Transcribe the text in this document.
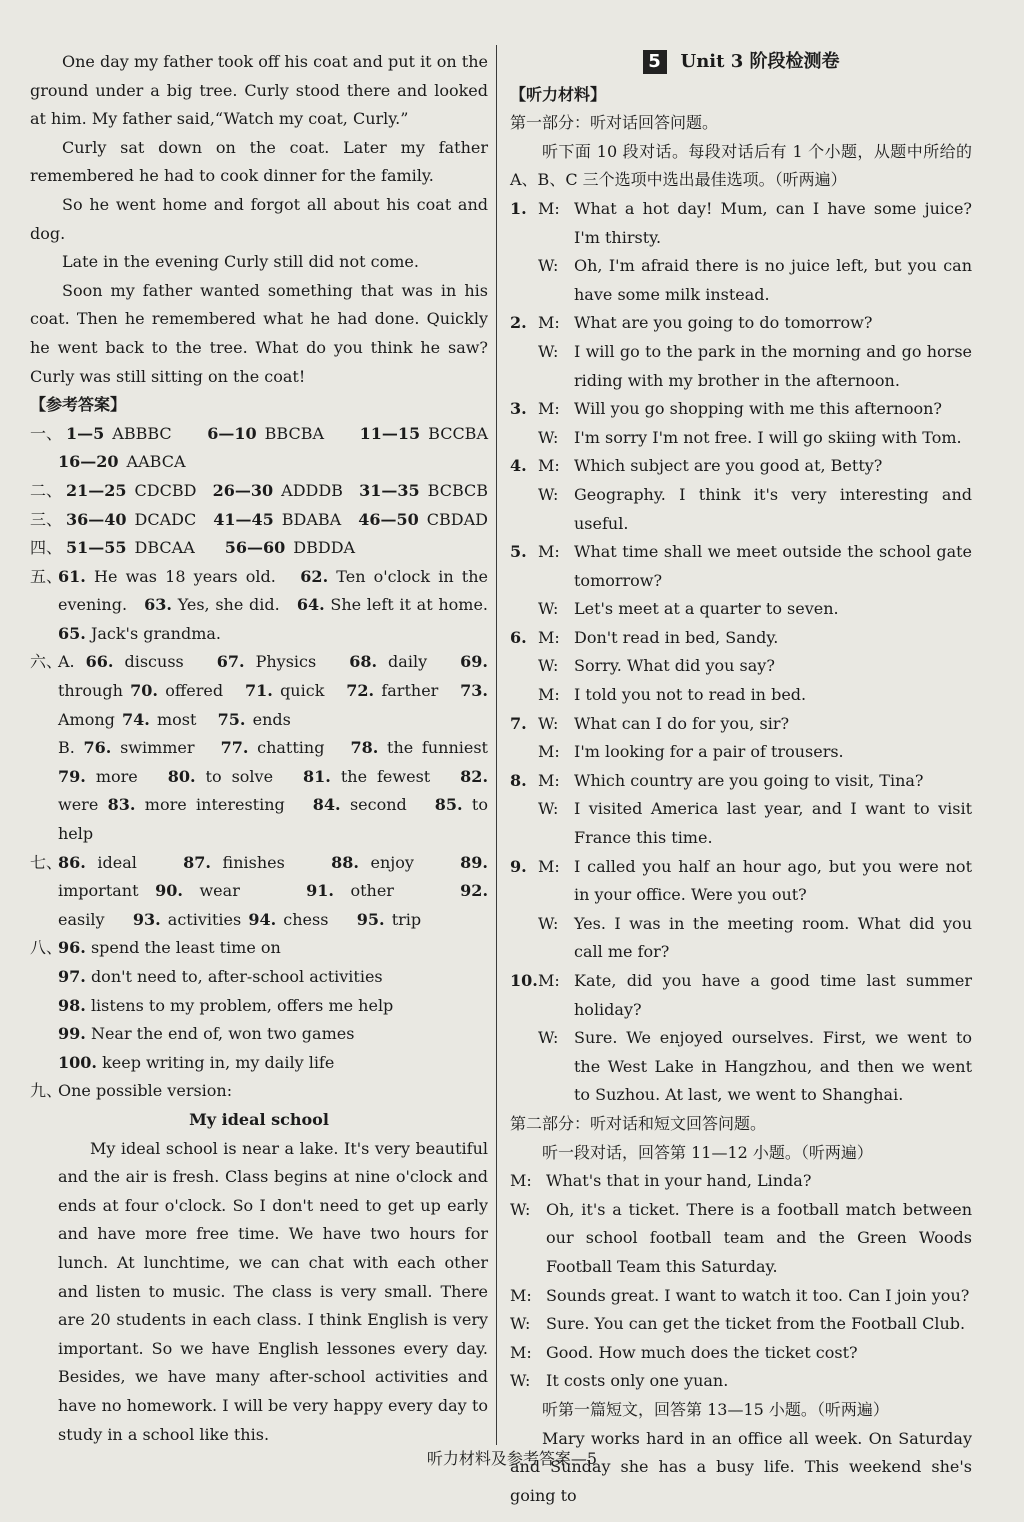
One day my father took off his coat and put it on the ground under a big tree. Curly stood there and looked at him. My father said,“Watch my coat, Curly.”

Curly sat down on the coat. Later my father remembered he had to cook dinner for the family.

So he went home and forgot all about his coat and dog.

Late in the evening Curly still did not come.

Soon my father wanted something that was in his coat. Then he remembered what he had done. Quickly he went back to the tree. What do you think he saw? Curly was still sitting on the coat!

【参考答案】
一、 1—5 ABBBC	6—10 BBCBA	11—15 BCCBA
16—20 AABCA
二、 21—25 CDCBD	26—30 ADDDB	31—35 BCBCB
三、 36—40 DCADC	41—45 BDABA	46—50 CBDAD
四、 51—55 DBCAA	56—60 DBDDA
五、

61. He was 18 years old. 62. Ten o'clock in the evening. 63. Yes, she did. 64. She left it at home. 65. Jack's grandma.

六、

A. 66. discuss 67. Physics 68. daily 69. through 70. offered 71. quick 72. farther 73. Among 74. most 75. ends

B. 76. swimmer 77. chatting 78. the funniest 79. more 80. to solve 81. the fewest 82. were 83. more interesting 84. second 85. to help

七、

86. ideal	87. finishes	88. enjoy	89. important 90. wear	91. other	92. easily 93. activities 94. chess 95. trip

八、
96. spend the least time on
97. don't need to, after-school activities
98. listens to my problem, offers me help
99. Near the end of, won two games
100. keep writing in, my daily life
九、
One possible version:
My ideal school

My ideal school is near a lake. It's very beautiful and the air is fresh. Class begins at nine o'clock and ends at four o'clock. So I don't need to get up early and have more free time. We have two hours for lunch. At lunchtime, we can chat with each other and listen to music. The class is very small. There are 20 students in each class. I think English is very important. So we have English lessones every day. Besides, we have many after-school activities and have no homework. I will be very happy every day to study in a school like this.

5 Unit 3 阶段检测卷
【听力材料】
第一部分：听对话回答问题。

听下面 10 段对话。每段对话后有 1 个小题，从题中所给的 A、B、C 三个选项中选出最佳选项。（听两遍）

1. M: What a hot day! Mum, can I have some juice? I'm thirsty.
W: Oh, I'm afraid there is no juice left, but you can have some milk instead.
2. M: What are you going to do tomorrow?
W: I will go to the park in the morning and go horse riding with my brother in the afternoon.
3. M: Will you go shopping with me this afternoon?
W: I'm sorry I'm not free. I will go skiing with Tom.
4. M: Which subject are you good at, Betty?
W: Geography. I think it's very interesting and useful.
5. M: What time shall we meet outside the school gate tomorrow?
W: Let's meet at a quarter to seven.
6. M: Don't read in bed, Sandy.
W: Sorry. What did you say?
M: I told you not to read in bed.
7. W: What can I do for you, sir?
M: I'm looking for a pair of trousers.
8. M: Which country are you going to visit, Tina?
W: I visited America last year, and I want to visit France this time.
9. M: I called you half an hour ago, but you were not in your office. Were you out?
W: Yes. I was in the meeting room. What did you call me for?
10. M: Kate, did you have a good time last summer holiday?
W: Sure. We enjoyed ourselves. First, we went to the West Lake in Hangzhou, and then we went to Suzhou. At last, we went to Shanghai.
第二部分：听对话和短文回答问题。

听一段对话，回答第 11—12 小题。（听两遍）

M: What's that in your hand, Linda?
W: Oh, it's a ticket. There is a football match between our school football team and the Green Woods Football Team this Saturday.
M: Sounds great. I want to watch it too. Can I join you?
W: Sure. You can get the ticket from the Football Club.
M: Good. How much does the ticket cost?
W: It costs only one yuan.

听第一篇短文，回答第 13—15 小题。（听两遍）

Mary works hard in an office all week. On Saturday and Sunday she has a busy life. This weekend she's going to

听力材料及参考答案—5
